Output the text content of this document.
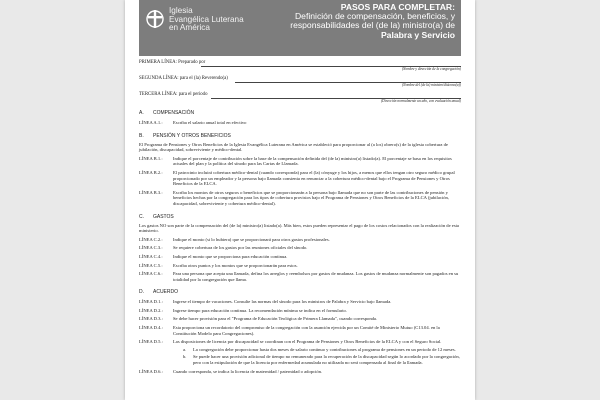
Iglesia
Evangélica Luterana
en América
PASOS PARA COMPLETAR:
Definición de compensación, beneficios, y
responsabilidades del (de la) ministro(a) de
Palabra y Servicio
PRIMERA LÍNEA: Preparado por
(Nombre y dirección de la congregación)
SEGUNDA LÍNEA: para el (la) Reverendo(a)
(Nombre del (de la) ministro/diácono(a))
TERCERA LÍNEA: para el periodo
(Dirección normalmente un año, con evaluación anual)
A. COMPENSACIÓN
LÍNEA A.1.:	Escriba el salario anual total en efectivo
B. PENSIÓN Y OTROS BENEFICIOS
El Programa de Pensiones y Otros Beneficios de la Iglesia Evangélica Luterana en América se estableció para proporcionar al (a los) obrero(s) de la iglesia cobertura de jubilación, discapacidad, sobreviviente y médico-dental.
LÍNEA B.1.:	Indique el porcentaje de contribución sobre la base de la compensación definida del (de la) ministro(a) listado(a). El porcentaje se basa en los requisitos actuales del plan y la política del sínodo para las Cartas de Llamada.
LÍNEA B.2.:	El patrocinio incluirá cobertura médico-dental (cuando corresponda) para el (la) cónyuge y los hijos, a menos que ellos tengan otro seguro médico grupal proporcionado por un empleador y la persona bajo llamada consienta en renunciar a la cobertura médico-dental bajo el Programa de Pensiones y Otros Beneficios de la ELCA.
LÍNEA B.3.:	Escriba los montos de otros seguros o beneficios que se proporcionarán a la persona bajo llamada que no son parte de las contribuciones de pensión y beneficios hechas por la congregación para los tipos de cobertura provistos bajo el Programa de Pensiones y Otros Beneficios de la ELCA (jubilación, discapacidad, sobreviviente y cobertura médico-dental).
C. GASTOS
Los gastos NO son parte de la compensación del (de la) ministro(a) listado(a). Más bien, estos pueden representar el pago de los costos relacionados con la realización de esta ministerio.
LÍNEA C.2.:	Indique el monto (si lo hubiera) que se proporcionará para otros gastos profesionales.
LÍNEA C.3.:	Se requiere cobertura de los gastos por las reuniones oficiales del sínodo.
LÍNEA C.4.:	Indique el monto que se proporciona para educación continua.
LÍNEA C.5.:	Escriba otros puntos y los montos que se proporcionarán para estos.
LÍNEA C.6.:	Para una persona que acepta una llamada, defina los arreglos y reembolsos por gastos de mudanza. Los gastos de mudanza normalmente son pagados en su totalidad por la congregación que llama.
D. ACUERDO
LÍNEA D.1.:	Ingrese el tiempo de vacaciones. Consulte las normas del sínodo para los ministros de Palabra y Servicio bajo llamada.
LÍNEA D.2.:	Ingrese tiempo para educación continua. La recomendación mínima se indica en el formulario.
LÍNEA D.3.:	Se debe hacer provisión para el "Programa de Educación Teológica de Primera Llamada", cuando corresponda.
LÍNEA D.4.:	Esta proporciona un recordatorio del compromiso de la congregación con la asunción ejercida por un Comité de Ministerio Mutuo (C13.04. en la Constitución Modelo para Congregaciones).
LÍNEA D.5.:	Las disposiciones de licencia por discapacidad se coordinan con el Programa de Pensiones y Otros Beneficios de la ELCA y con el Seguro Social.
a.	La congregación debe proporcionar hasta dos meses de salario continuo y contribuciones al programa de pensiones en un periodo de 12 meses.
b.	Se puede hacer una provisión adicional de tiempo no remunerado para la recuperación de la discapacidad según lo acordado por la congregación, pero con la estipulación de que la licencia por enfermedad acumulada no utilizada no será compensada al final de la llamada.
LÍNEA D.6.:	Cuando corresponda, se indica la licencia de maternidad / paternidad o adopción.
